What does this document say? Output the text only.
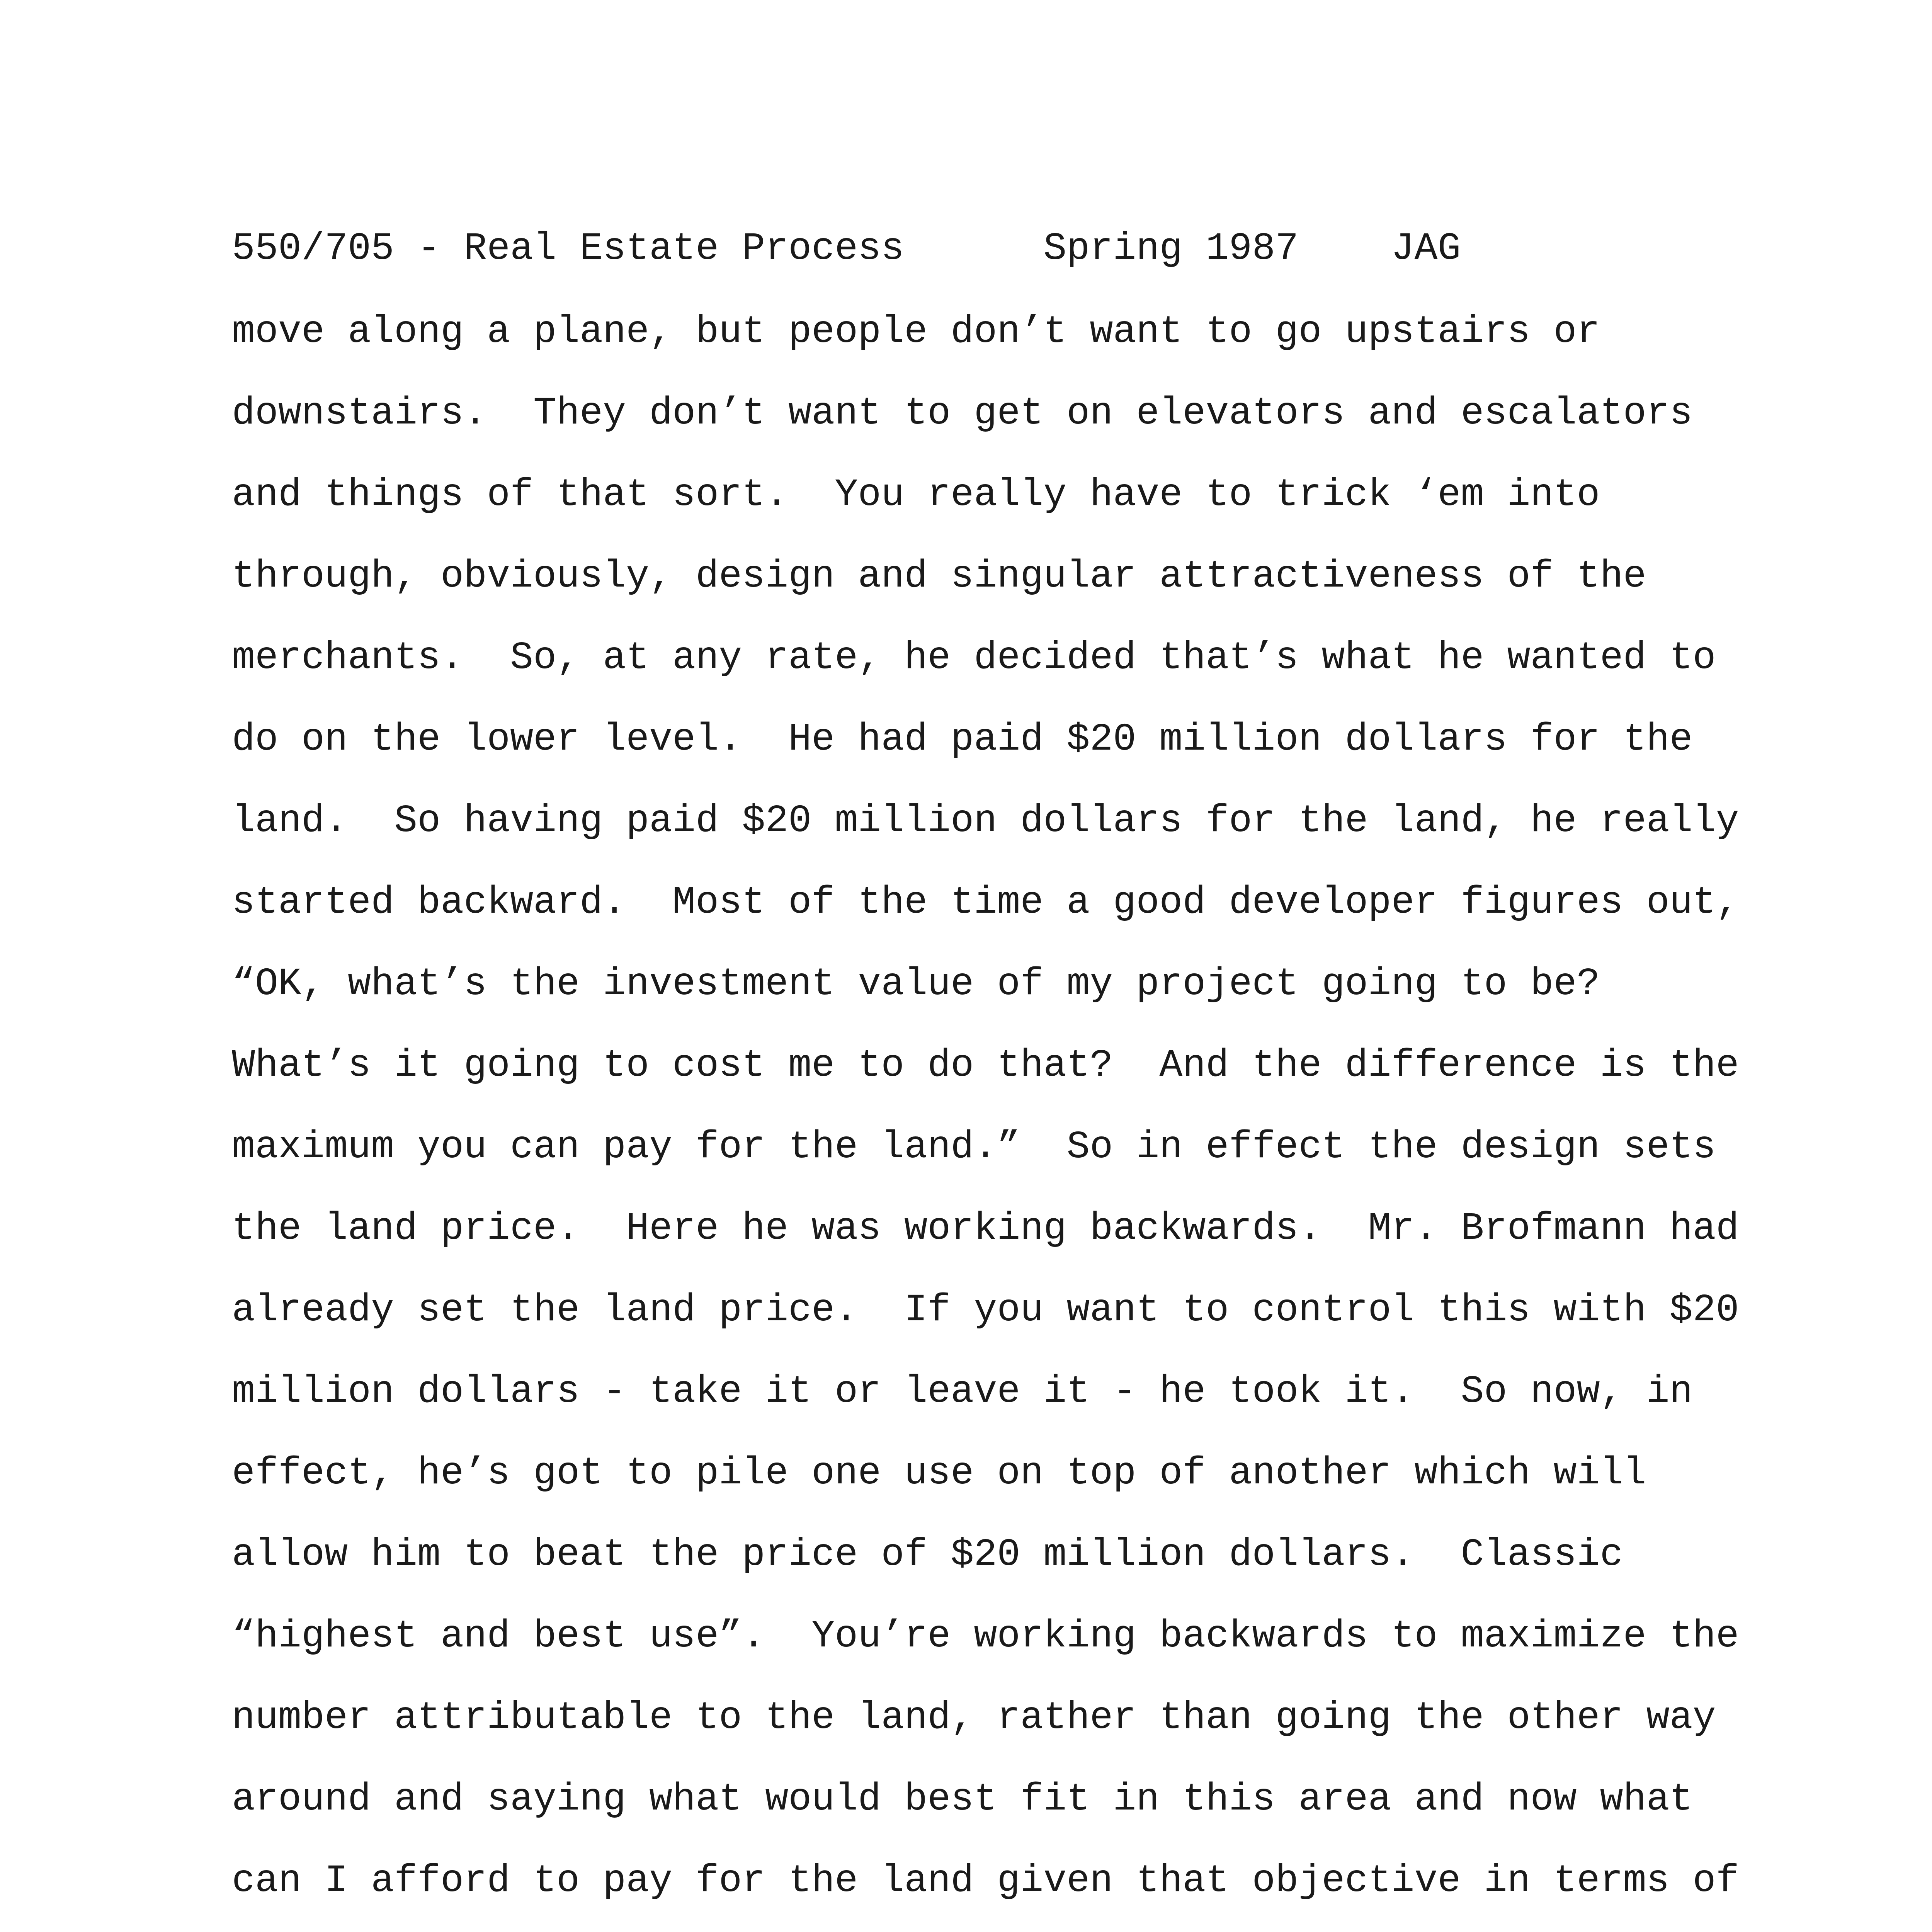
550/705 - Real Estate Process      Spring 1987    JAG
move along a plane, but people don’t want to go upstairs or
downstairs.  They don’t want to get on elevators and escalators
and things of that sort.  You really have to trick ‘em into
through, obviously, design and singular attractiveness of the
merchants.  So, at any rate, he decided that’s what he wanted to
do on the lower level.  He had paid $20 million dollars for the
land.  So having paid $20 million dollars for the land, he really
started backward.  Most of the time a good developer figures out,
“OK, what’s the investment value of my project going to be?
What’s it going to cost me to do that?  And the difference is the
maximum you can pay for the land.”  So in effect the design sets
the land price.  Here he was working backwards.  Mr. Brofmann had
already set the land price.  If you want to control this with $20
million dollars - take it or leave it - he took it.  So now, in
effect, he’s got to pile one use on top of another which will
allow him to beat the price of $20 million dollars.  Classic
“highest and best use”.  You’re working backwards to maximize the
number attributable to the land, rather than going the other way
around and saying what would best fit in this area and now what
can I afford to pay for the land given that objective in terms of
